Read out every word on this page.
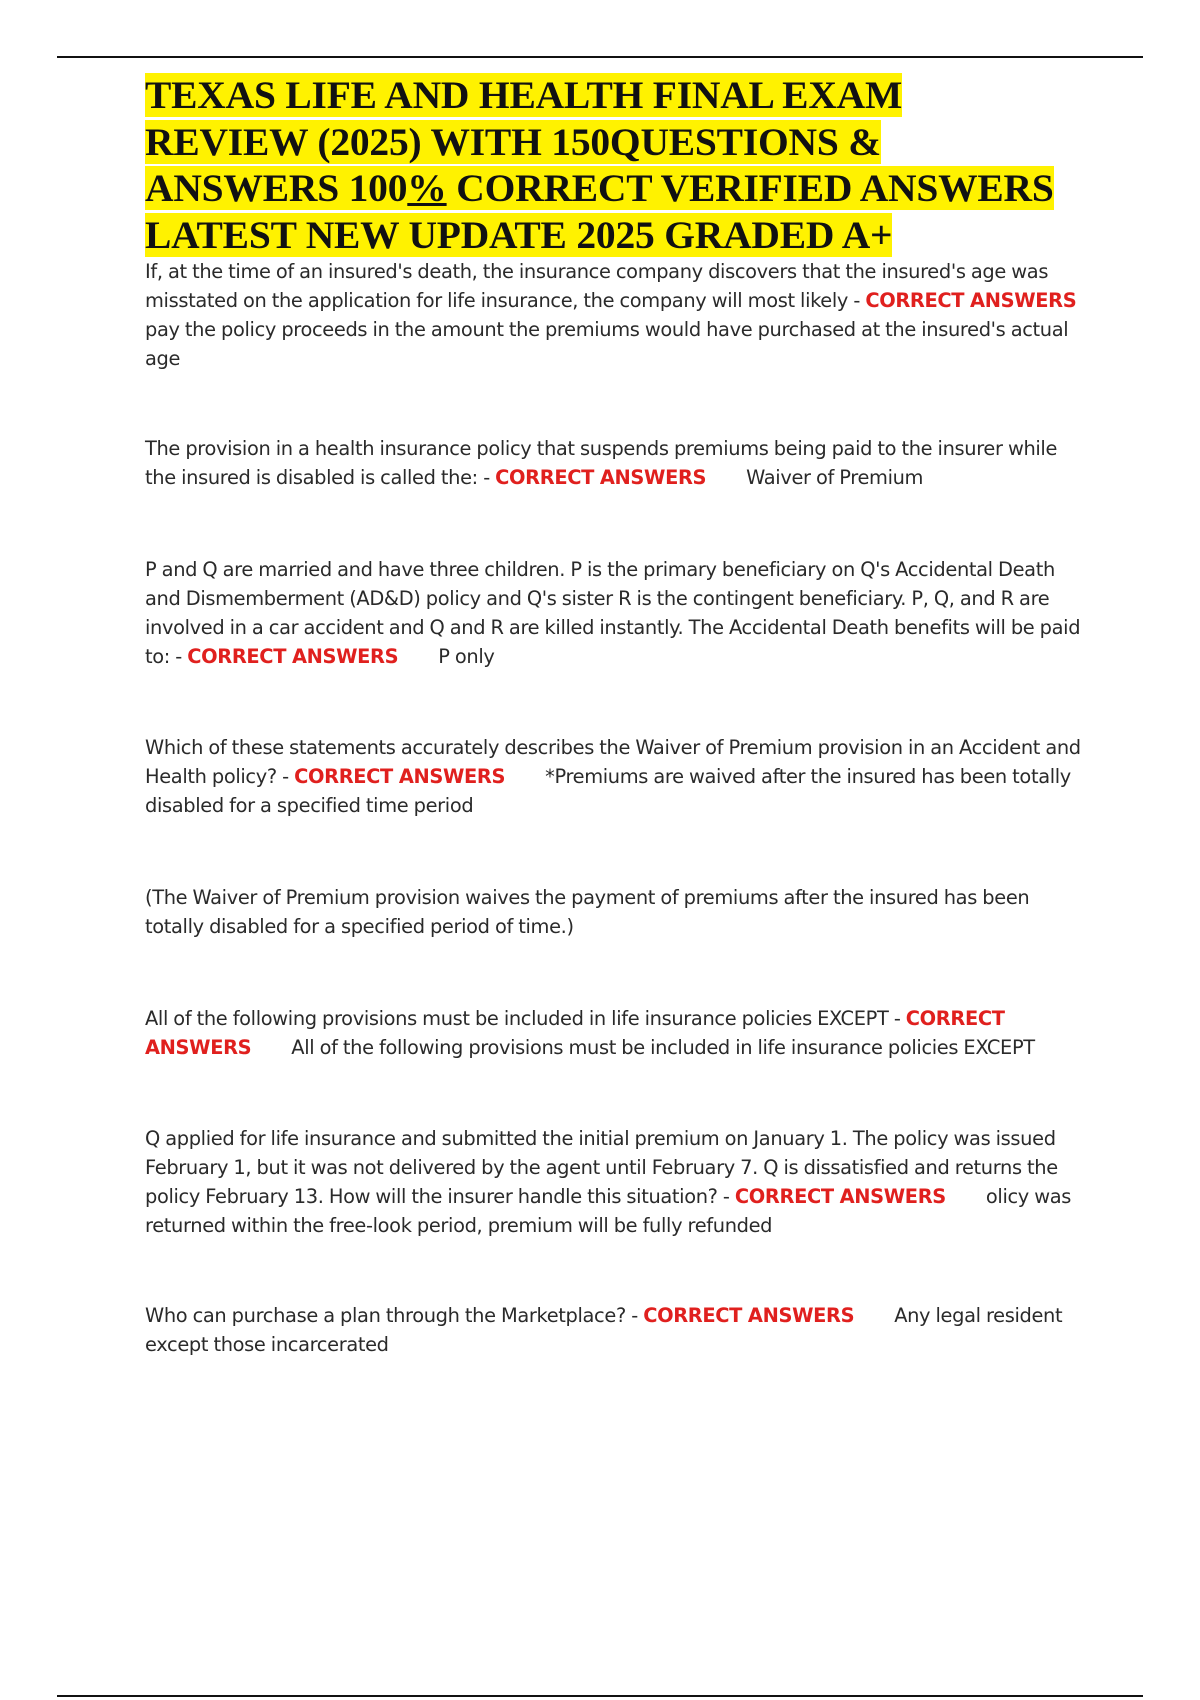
TEXAS LIFE AND HEALTH FINAL EXAM
REVIEW (2025) WITH 150QUESTIONS &
ANSWERS 100% CORRECT VERIFIED ANSWERS
LATEST NEW UPDATE 2025 GRADED A+

If, at the time of an insured's death, the insurance company discovers that the insured's age was misstated on the application for life insurance, the company will most likely - CORRECT ANSWERS
pay the policy proceeds in the amount the premiums would have purchased at the insured's actual age

The provision in a health insurance policy that suspends premiums being paid to the insurer while the insured is disabled is called the: - CORRECT ANSWERS Waiver of Premium

P and Q are married and have three children. P is the primary beneficiary on Q's Accidental Death and Dismemberment (AD&D) policy and Q's sister R is the contingent beneficiary. P, Q, and R are involved in a car accident and Q and R are killed instantly. The Accidental Death benefits will be paid to: - CORRECT ANSWERS P only

Which of these statements accurately describes the Waiver of Premium provision in an Accident and Health policy? - CORRECT ANSWERS *Premiums are waived after the insured has been totally disabled for a specified time period

(The Waiver of Premium provision waives the payment of premiums after the insured has been totally disabled for a specified period of time.)

All of the following provisions must be included in life insurance policies EXCEPT - CORRECT ANSWERS All of the following provisions must be included in life insurance policies EXCEPT

Q applied for life insurance and submitted the initial premium on January 1. The policy was issued February 1, but it was not delivered by the agent until February 7. Q is dissatisfied and returns the policy February 13. How will the insurer handle this situation? - CORRECT ANSWERS olicy was returned within the free-look period, premium will be fully refunded

Who can purchase a plan through the Marketplace? - CORRECT ANSWERS Any legal resident except those incarcerated
